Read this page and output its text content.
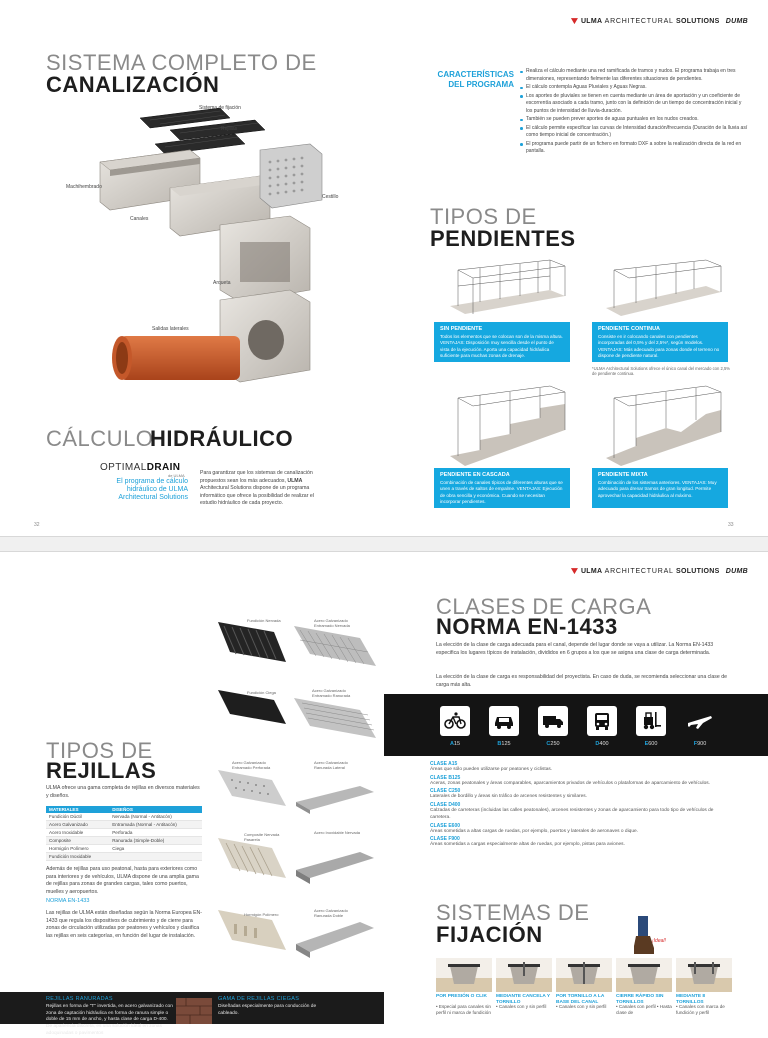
ULMA ARCHITECTURAL SOLUTIONS DUMB
SISTEMA COMPLETO DE
CANALIZACIÓN
Sistema de fijación
Rejillas
Machihembrado
Cestillo
Canales
Arqueta
Salidas laterales
CÁLCULO
HIDRÁULICO
OPTIMALDRAIN
de ULMA
El programa de cálculo hidráulico de ULMA Architectural Solutions
Para garantizar que los sistemas de canalización propuestos sean los más adecuados, ULMA Architectural Solutions dispone de un programa informático que ofrece la posibilidad de realizar el estudio hidráulico de cada proyecto.
32
CARACTERÍSTICAS
DEL PROGRAMA
Realiza el cálculo mediante una red ramificada de tramos y nudos. El programa trabaja en tres dimensiones, representando fielmente las diferentes situaciones de pendientes.
El cálculo contempla Aguas Pluviales y Aguas Negras.
Los aportes de pluviales se tienen en cuenta mediante un área de aportación y un coeficiente de escorrentía asociado a cada tramo, junto con la definición de un tiempo de concentración inicial y los puntos de intensidad de lluvia-duración.
También se pueden prever aportes de aguas puntuales en los nudos creados.
El cálculo permite especificar las curvas de Intensidad duración/frecuencia (Duración de la lluvia así como tiempo inicial de concentración.)
El programa puede partir de un fichero en formato DXF a sobre la realización directa de la red en pantalla.
TIPOS DE
PENDIENTES
SIN PENDIENTE
Todos los elementos que se colocan son de la misma altura. VENTAJAS: Disposición muy sencilla desde el punto de vista de la ejecución. Aporta una capacidad hidráulica suficiente para muchas zonas de drenaje.
PENDIENTE CONTINUA
Consiste en ir colocando canales con pendientes incorporadas del 0,5% y del 2,5%*, según modelos. VENTAJAS: Más adecuado para zonas donde el terreno no dispone de pendiente natural.
*ULMA Architectural Solutions ofrece el único canal del mercado con 2,5% de pendiente continua.
PENDIENTE EN CASCADA
Combinación de canales típicos de diferentes alturas que se unen a través de saltos de empalme. VENTAJAS: Ejecución de obra sencilla y económica. Cuando se necesitan incorporar pendientes.
PENDIENTE MIXTA
Combinación de los sistemas anteriores. VENTAJAS: Muy adecuado para drenar tramos de gran longitud. Permite aprovechar la capacidad hidráulica al máximo.
33
ULMA ARCHITECTURAL SOLUTIONS DUMB
Fundición Nervada	Acero Galvanizado Entramado Nervada
Fundición Ciega	Acero Galvanizado Entramado Ranurada
Acero Galvanizado Entramado Perforada
Acero Galvanizado Ranurada Lateral
Composite Nervada Pasarela
Acero Inoxidable Nervada
Hormigón Polímero
Acero Galvanizado Ranurada Doble
TIPOS DE
REJILLAS
ULMA ofrece una gama completa de rejillas en diversos materiales y diseños.
MATERIALES	DISEÑOS
Fundición Dúctil	Nervada (Normal - Antitacón)
Acero Galvanizado	Entramada (Normal - Antitacón)
Acero Inoxidable	Perforada
Composite	Ranurada (Simple-Doble)
Hormigón Polímero	Ciega
Fundición Inoxidable	
Además de rejillas para uso peatonal, hasta para exteriores como para interiores y de vehículos, ULMA dispone de una amplia gama de rejillas para zonas de grandes cargas, tales como puertos, muelles y aeropuertos.
NORMA EN-1433
Las rejillas de ULMA están diseñadas según la Norma Europea EN-1433 que regula los dispositivos de cubrimiento y de cierre para zonas de circulación utilizadas por peatones y vehículos y clasifica las rejillas en seis categorías, en función del lugar de instalación.
REJILLAS RANURADAS
Rejillas en forma de "T" invertida, en acero galvanizado con zona de captación hidráulica en forma de ranura simple o doble de 15 mm de ancho, y hasta clase de carga D-400. De apariencia discreta, es una solución ideal en zonas adoquinadas o pavimentos
GAMA DE REJILLAS CIEGAS
Diseñadas especialmente para conducción de cableado.
CLASES DE CARGA
NORMA EN-1433
La elección de la clase de carga adecuada para el canal, depende del lugar donde se vaya a utilizar. La Norma EN-1433 especifica los lugares típicos de instalación, divididos en 6 grupos a los que se asigna una clase de carga determinada.
La elección de la clase de carga es responsabilidad del proyectista. En caso de duda, se recomienda seleccionar una clase de carga más alta.
A15	B125	C250	D400	E600	F900
CLASE A15
Áreas que sólo pueden utilizarse por peatones y ciclistas.
CLASE B125
Aceras, zonas peatonales y áreas comparables, aparcamientos privados de vehículos o plataformas de aparcamiento de vehículos.
CLASE C250
Laterales de bordillo y áreas sin tráfico de arcenes resistentes y similares.
CLASE D400
Calzadas de carreteras (incluidas las calles peatonales), arcenes resistentes y zonas de aparcamiento para todo tipo de vehículos de carretera.
CLASE E600
Áreas sometidas a altas cargas de ruedas, por ejemplo, puertos y laterales de aeronaves o dique.
CLASE F900
Áreas sometidas a cargas especialmente altas de ruedas, por ejemplo, pistas para aviones.
SISTEMAS DE
FIJACIÓN	¡Ideal!
POR PRESIÓN O CLIK	MEDIANTE CANCELA Y TORNILLO
POR TORNILLO A LA BASE DEL CANAL
CIERRE RÁPIDO SIN TORNILLOS
MEDIANTE 8 TORNILLOS
• Especial para canales sin perfil ni marca de fundición
• Canales con y sin perfil	• Canales con y sin perfil	• Canales con perfil • Hasta clase de
• Canales con marca de fundición y perfil
